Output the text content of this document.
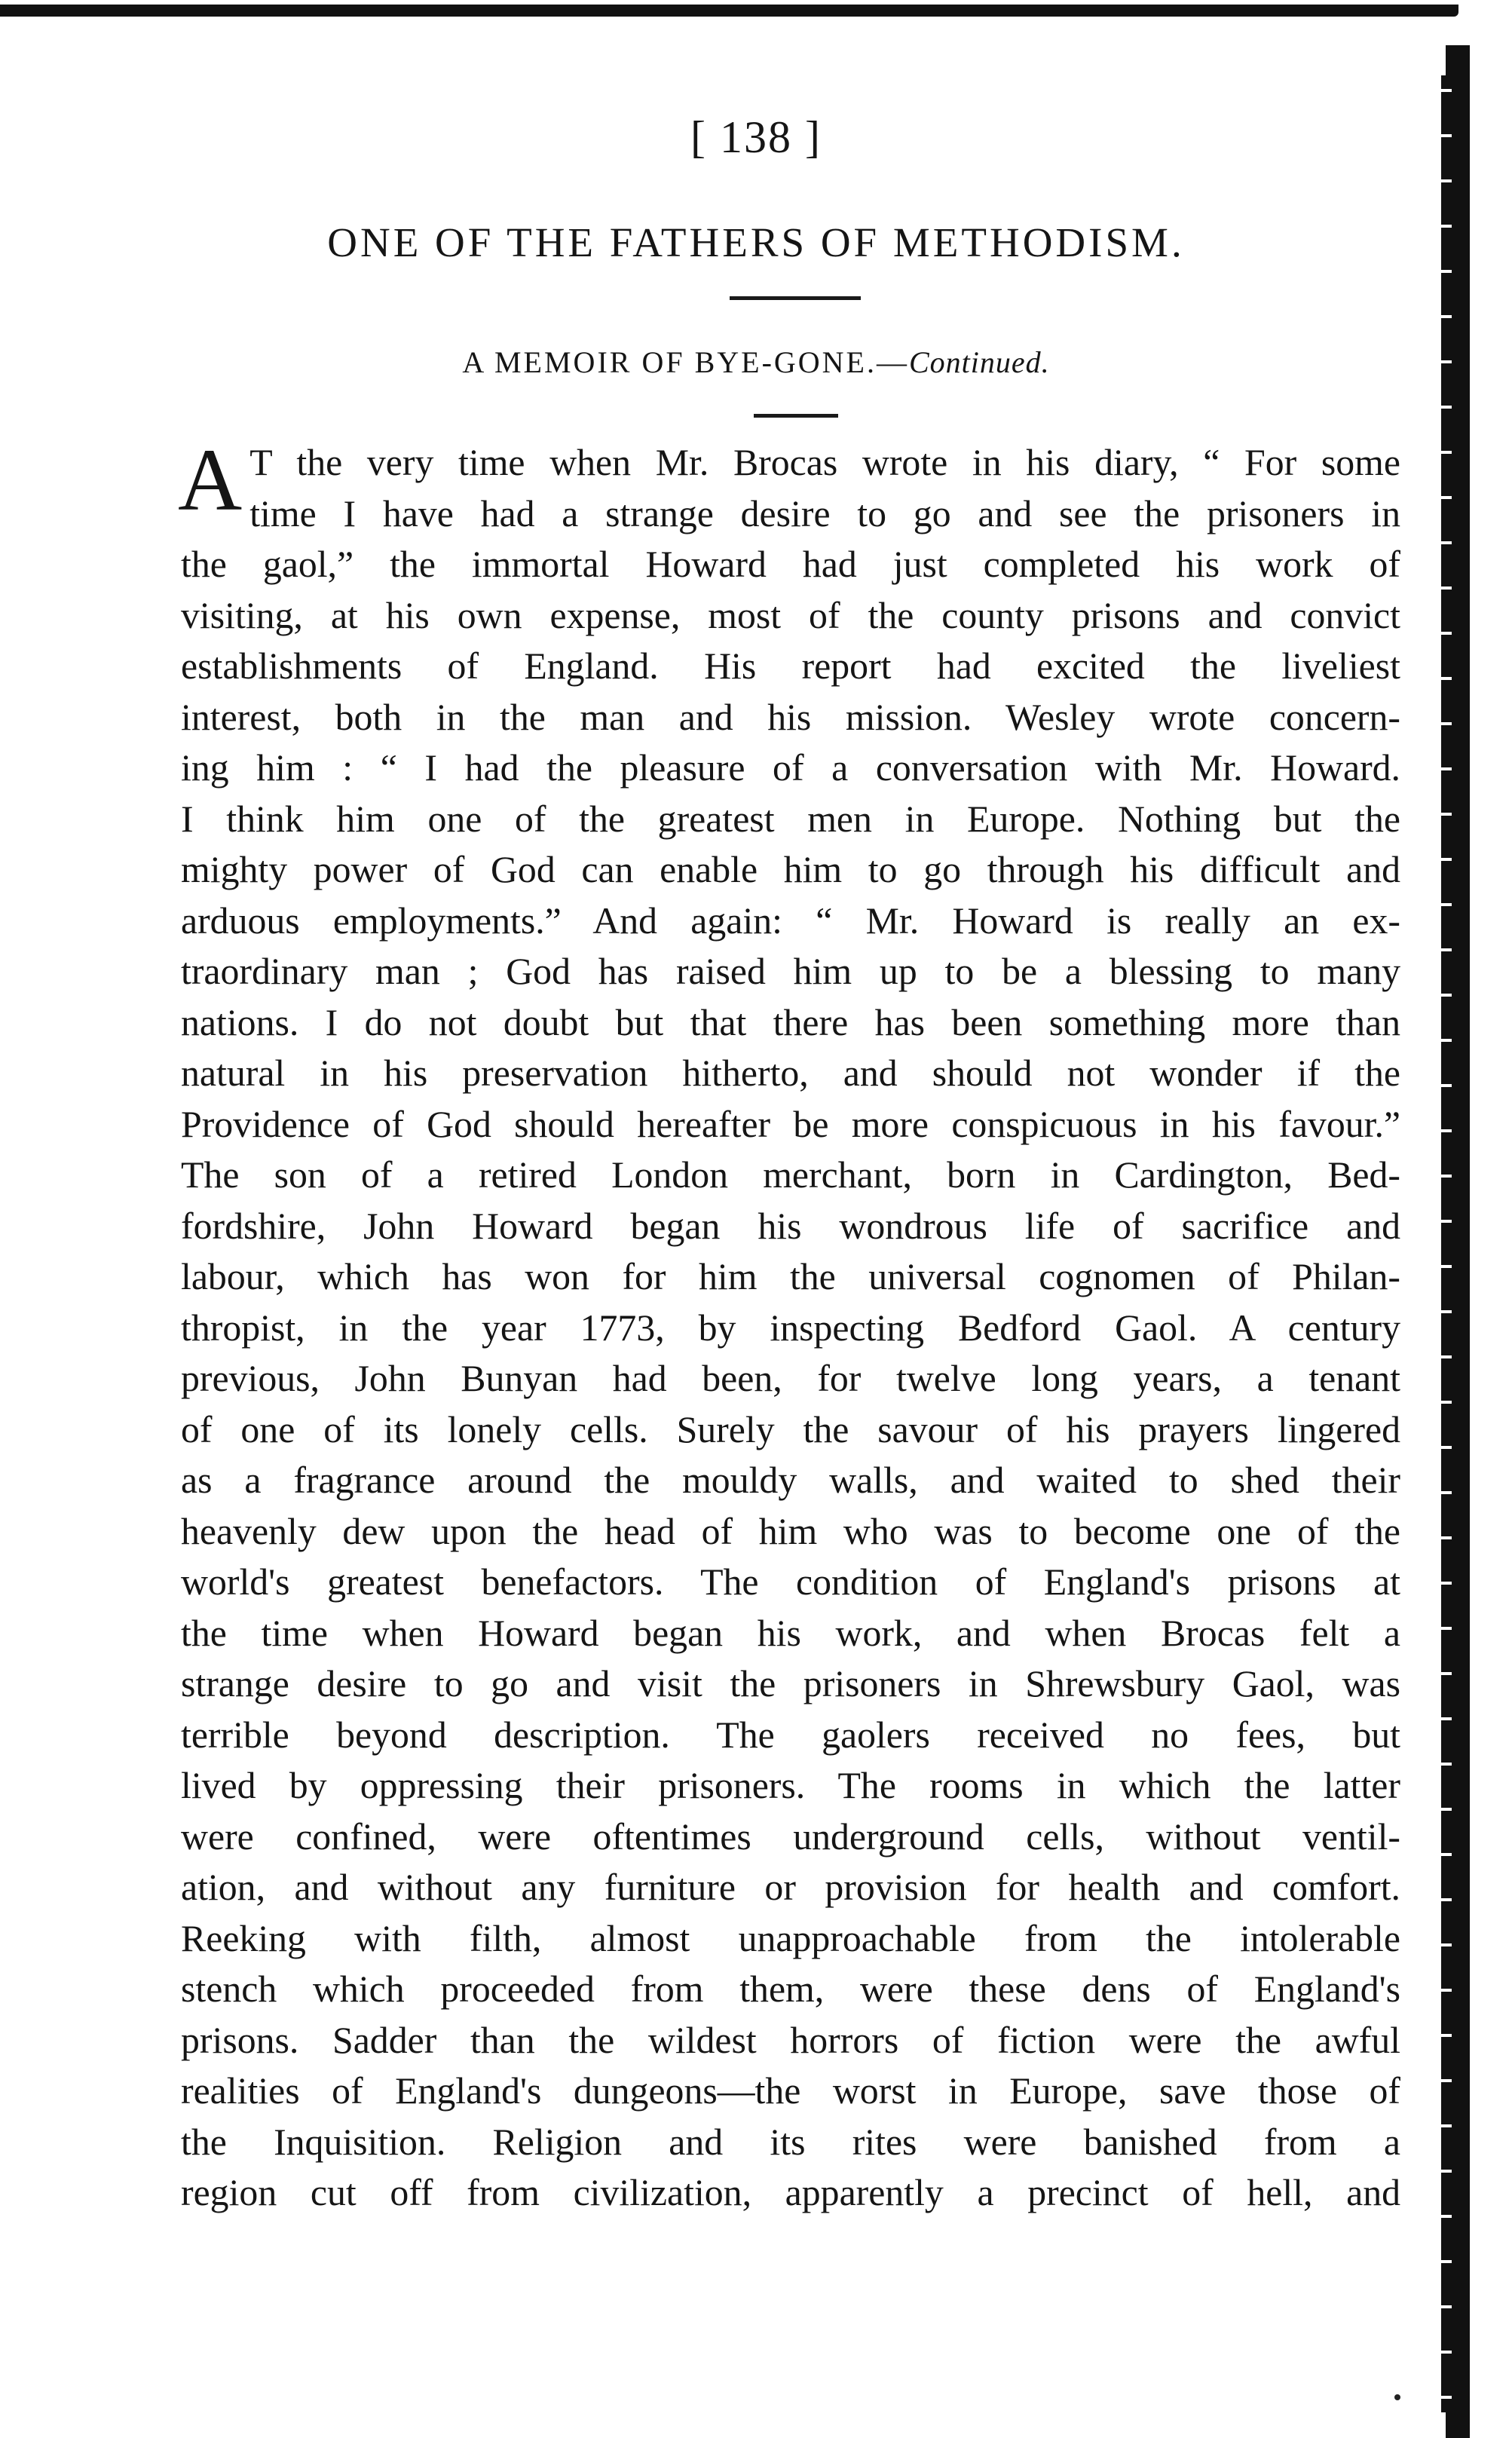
[ 138 ]
ONE OF THE FATHERS OF METHODISM.
A MEMOIR OF BYE-GONE.—Continued.
A T the very time when Mr. Brocas wrote in his diary, “ For some
time I have had a strange desire to go and see the prisoners in
the gaol,” the immortal Howard had just completed his work of
visiting, at his own expense, most of the county prisons and convict
establishments of England. His report had excited the liveliest
interest, both in the man and his mission. Wesley wrote concern-
ing him : “ I had the pleasure of a conversation with Mr. Howard.
I think him one of the greatest men in Europe. Nothing but the
mighty power of God can enable him to go through his difficult and
arduous employments.” And again: “ Mr. Howard is really an ex-
traordinary man ; God has raised him up to be a blessing to many
nations. I do not doubt but that there has been something more than
natural in his preservation hitherto, and should not wonder if the
Providence of God should hereafter be more conspicuous in his favour.”
The son of a retired London merchant, born in Cardington, Bed-
fordshire, John Howard began his wondrous life of sacrifice and
labour, which has won for him the universal cognomen of Philan-
thropist, in the year 1773, by inspecting Bedford Gaol. A century
previous, John Bunyan had been, for twelve long years, a tenant
of one of its lonely cells. Surely the savour of his prayers lingered
as a fragrance around the mouldy walls, and waited to shed their
heavenly dew upon the head of him who was to become one of the
world's greatest benefactors. The condition of England's prisons at
the time when Howard began his work, and when Brocas felt a
strange desire to go and visit the prisoners in Shrewsbury Gaol, was
terrible beyond description. The gaolers received no fees, but
lived by oppressing their prisoners. The rooms in which the latter
were confined, were oftentimes underground cells, without ventil-
ation, and without any furniture or provision for health and comfort.
Reeking with filth, almost unapproachable from the intolerable
stench which proceeded from them, were these dens of England's
prisons. Sadder than the wildest horrors of fiction were the awful
realities of England's dungeons—the worst in Europe, save those of
the Inquisition. Religion and its rites were banished from a
region cut off from civilization, apparently a precinct of hell, and
